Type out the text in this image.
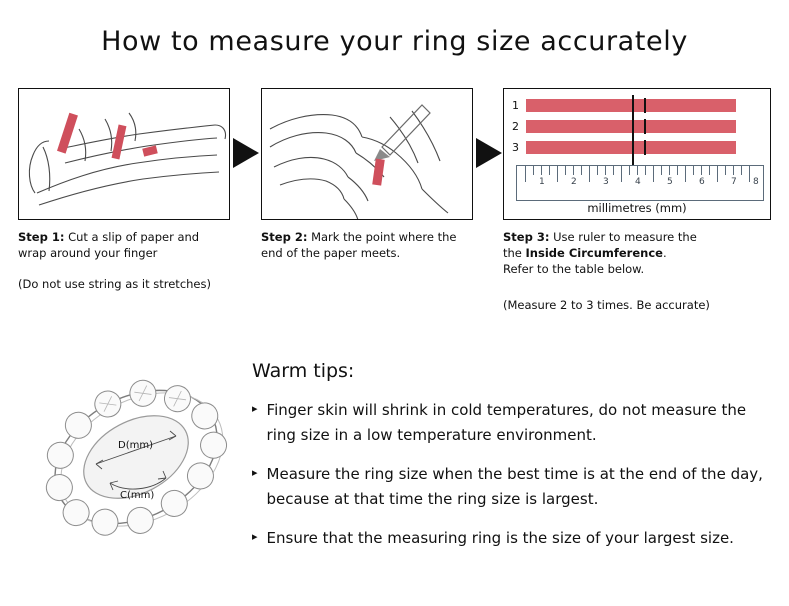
How to measure your ring size accurately
Step 1: Cut a slip of paper and wrap around your finger
(Do not use string as it stretches)
Step 2: Mark the point where the end of the paper meets.
1
2
3
1	2	3	4	5	6	7 8
millimetres (mm)
Step 3: Use ruler to measure the
the Inside Circumference.
Refer to the table below.
(Measure 2 to 3 times. Be accurate)
D(mm)
C(mm)
Warm tips:
▸ Finger skin will shrink in cold temperatures, do not measure the ring size in a low temperature environment.
▸ Measure the ring size when the best time is at the end of the day, because at that time the ring size is largest.
▸ Ensure that the measuring ring is the size of your largest size.
